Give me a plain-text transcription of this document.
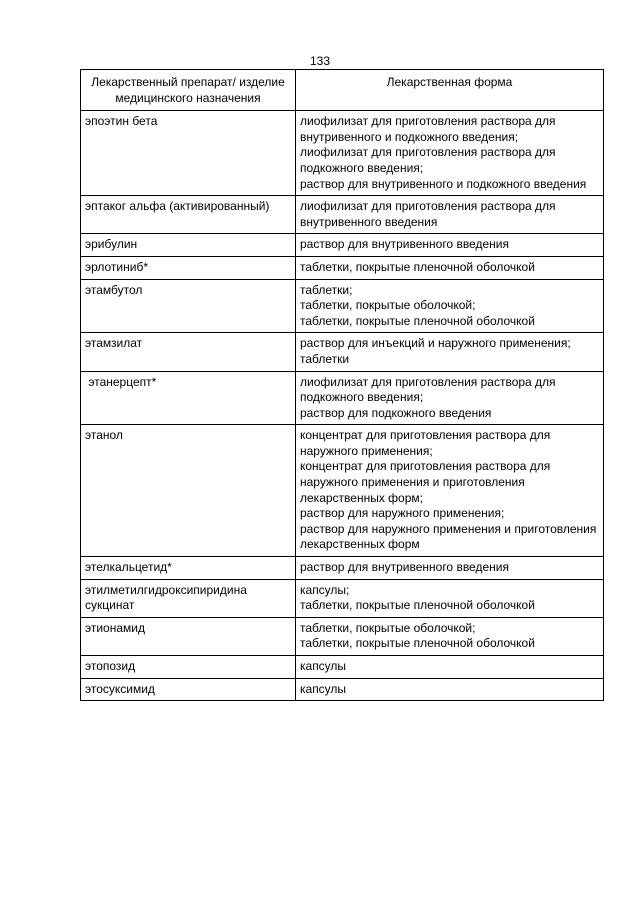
133
Лекарственный препарат/ изделие медицинского назначения	Лекарственная форма
эпоэтин бета	лиофилизат для приготовления раствора для внутривенного и подкожного введения;
лиофилизат для приготовления раствора для подкожного введения;
раствор для внутривенного и подкожного введения

эптаког альфа (активированный)	лиофилизат для приготовления раствора для внутривенного введения

эрибулин	раствор для внутривенного введения

эрлотиниб*	таблетки, покрытые пленочной оболочкой

этамбутол	таблетки;
таблетки, покрытые оболочкой;
таблетки, покрытые пленочной оболочкой

этамзилат	раствор для инъекций и наружного применения;
таблетки

этанерцепт*	лиофилизат для приготовления раствора для подкожного введения;
раствор для подкожного введения

этанол	концентрат для приготовления раствора для наружного применения;
концентрат для приготовления раствора для наружного применения и приготовления лекарственных форм;
раствор для наружного применения;
раствор для наружного применения и приготовления лекарственных форм

этелкальцетид*	раствор для внутривенного введения

этилметилгидроксипиридина сукцинат	капсулы;
таблетки, покрытые пленочной оболочкой

этионамид	таблетки, покрытые оболочкой;
таблетки, покрытые пленочной оболочкой

этопозид	капсулы

этосуксимид	капсулы
